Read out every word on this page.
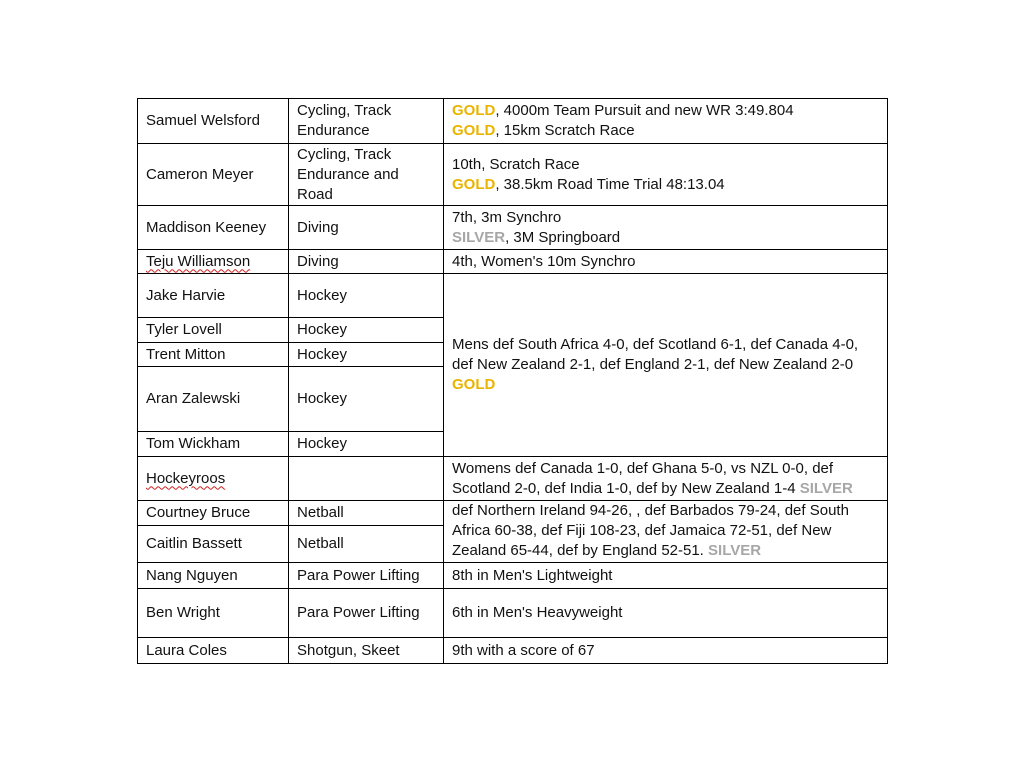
Samuel Welsford	Cycling, Track Endurance	GOLD, 4000m Team Pursuit and new WR 3:49.804
GOLD, 15km Scratch Race

Cameron Meyer	Cycling, Track Endurance and Road	10th, Scratch Race
GOLD, 38.5km Road Time Trial 48:13.04

Maddison Keeney	Diving	7th, 3m Synchro
SILVER, 3M Springboard

Teju Williamson	Diving	4th, Women's 10m Synchro
Jake Harvie	Hockey	Mens def South Africa 4-0, def Scotland 6-1, def Canada 4-0, def New Zealand 2-1, def England 2-1, def New Zealand 2-0 GOLD
Tyler Lovell	Hockey	
Trent Mitton	Hockey	
Aran Zalewski	Hockey	
Tom Wickham	Hockey	
Hockeyroos		Womens def Canada 1-0, def Ghana 5-0, vs NZL 0-0, def Scotland 2-0, def India 1-0, def by New Zealand 1-4 SILVER
Courtney Bruce	Netball	def Northern Ireland 94-26, , def Barbados 79-24, def South Africa 60-38, def Fiji 108-23, def Jamaica 72-51, def New Zealand 65-44, def by England 52-51. SILVER

Caitlin Bassett	Netball	
Nang Nguyen	Para Power Lifting	8th in Men's Lightweight
Ben Wright	Para Power Lifting	6th in Men's Heavyweight
Laura Coles	Shotgun, Skeet	9th with a score of 67
